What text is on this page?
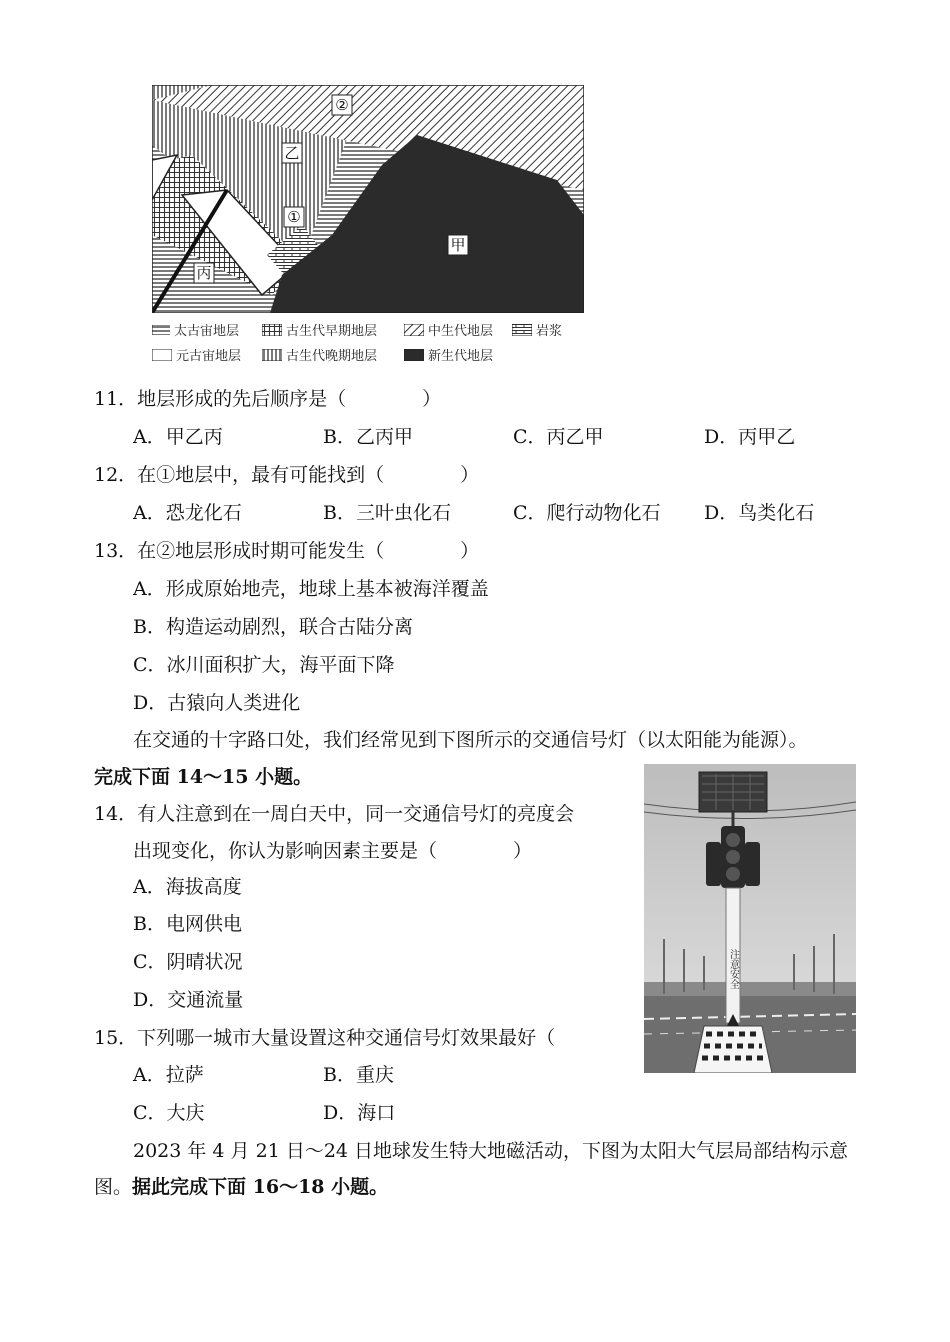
甲
乙
丙
①
②
太古宙地层	古生代早期地层	中生代地层	岩浆
元古宙地层	古生代晚期地层	新生代地层
11．地层形成的先后顺序是（　　　　）
A．甲乙丙	B．乙丙甲	C．丙乙甲	D．丙甲乙
12．在①地层中，最有可能找到（　　　　）
A．恐龙化石	B．三叶虫化石	C．爬行动物化石 D．鸟类化石
13．在②地层形成时期可能发生（　　　　）
A．形成原始地壳，地球上基本被海洋覆盖
B．构造运动剧烈，联合古陆分离
C．冰川面积扩大，海平面下降
D．古猿向人类进化
在交通的十字路口处，我们经常见到下图所示的交通信号灯（以太阳能为能源）。
完成下面 14～15 小题。
14．有人注意到在一周白天中，同一交通信号灯的亮度会
出现变化，你认为影响因素主要是（　　　　）
A．海拔高度
B．电网供电
C．阴晴状况
D．交通流量
15．下列哪一城市大量设置这种交通信号灯效果最好（
A．拉萨	B．重庆
C．大庆	D．海口
注意安全
2023 年 4 月 21 日～24 日地球发生特大地磁活动，下图为太阳大气层局部结构示意
图。据此完成下面 16～18 小题。
